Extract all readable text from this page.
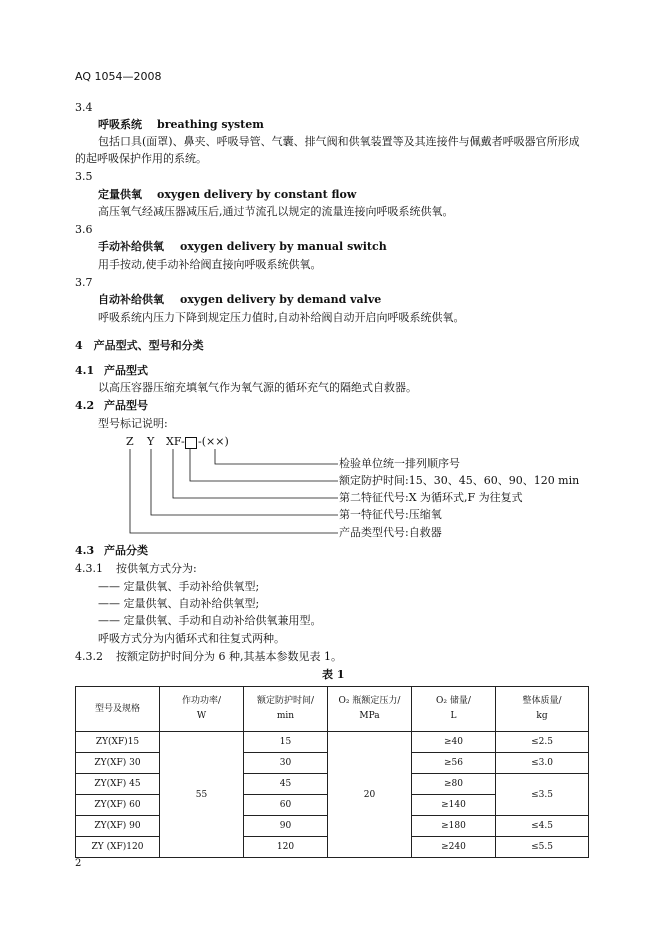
AQ 1054—2008
3.4
呼吸系统 breathing system
包括口具(面罩)、鼻夹、呼吸导管、气囊、排气阀和供氧装置等及其连接件与佩戴者呼吸器官所形成
的起呼吸保护作用的系统。
3.5
定量供氧 oxygen delivery by constant flow
高压氧气经减压器减压后,通过节流孔以规定的流量连接向呼吸系统供氧。
3.6
手动补给供氧 oxygen delivery by manual switch
用手按动,使手动补给阀直接向呼吸系统供氧。
3.7
自动补给供氧 oxygen delivery by demand valve
呼吸系统内压力下降到规定压力值时,自动补给阀自动开启向呼吸系统供氧。
4　产品型式、型号和分类
4.1 产品型式
以高压容器压缩充填氧气作为氧气源的循环充气的隔绝式自救器。
4.2 产品型号
型号标记说明:
Z Y XF- -(××)
检验单位统一排列顺序号
额定防护时间:15、30、45、60、90、120 min
第二特征代号:X 为循环式,F 为往复式
第一特征代号:压缩氧
产品类型代号:自救器
4.3 产品分类
4.3.1 按供氧方式分为:
—— 定量供氧、手动补给供氧型;
—— 定量供氧、自动补给供氧型;
—— 定量供氧、手动和自动补给供氧兼用型。
呼吸方式分为内循环式和往复式两种。
4.3.2 按额定防护时间分为 6 种,其基本参数见表 1。
表 1
型号及规格	作功功率/
W	额定防护时间/
min	O₂ 瓶额定压力/
MPa	O₂ 储量/
L	整体质量/
kg
ZY(XF)15	55	15	20	≥40	≤2.5
ZY(XF) 30		30		≥56	≤3.0
ZY(XF) 45		45		≥80	≤3.5
ZY(XF) 60		60		≥140	
ZY(XF) 90		90		≥180	≤4.5
ZY (XF)120		120		≥240	≤5.5
2
